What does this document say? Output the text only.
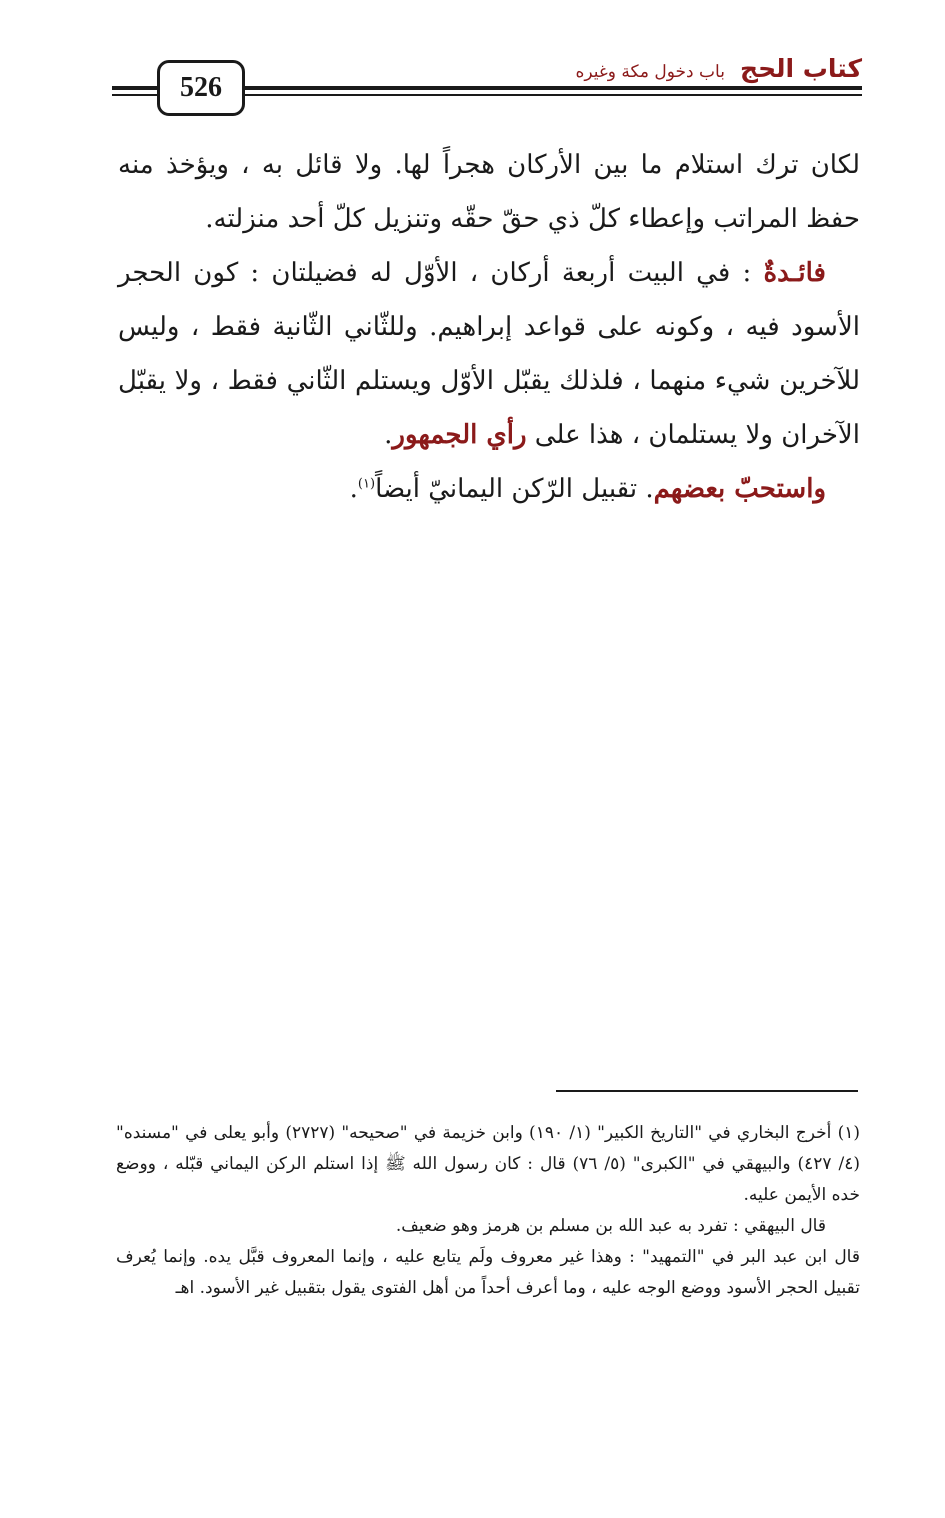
526
كتاب الحج باب دخول مكة وغيره

لكان ترك استلام ما بين الأركان هجراً لها. ولا قائل به ، ويؤخذ منه حفظ المراتب وإعطاء كلّ ذي حقّ حقّه وتنزيل كلّ أحد منزلته.

فائـدةٌ : في البيت أربعة أركان ، الأوّل له فضيلتان : كون الحجر الأسود فيه ، وكونه على قواعد إبراهيم. وللثّاني الثّانية فقط ، وليس للآخرين شيء منهما ، فلذلك يقبّل الأوّل ويستلم الثّاني فقط ، ولا يقبّل الآخران ولا يستلمان ، هذا على رأي الجمهور.

واستحبّ بعضهم. تقبيل الرّكن اليمانيّ أيضاً$^{(١)}$.

(١) أخرج البخاري في "التاريخ الكبير" (١/ ١٩٠) وابن خزيمة في "صحيحه" (٢٧٢٧) وأبو يعلى في "مسنده" (٤/ ٤٢٧) والبيهقي في "الكبرى" (٥/ ٧٦) قال : كان رسول الله ﷺ إذا استلم الركن اليماني قبّله ، ووضع خده الأيمن عليه.

قال البيهقي : تفرد به عبد الله بن مسلم بن هرمز وهو ضعيف.

قال ابن عبد البر في "التمهيد" : وهذا غير معروف ولَم يتابع عليه ، وإنما المعروف قبَّل يده. وإنما يُعرف تقبيل الحجر الأسود ووضع الوجه عليه ، وما أعرف أحداً من أهل الفتوى يقول بتقبيل غير الأسود. اهـ
